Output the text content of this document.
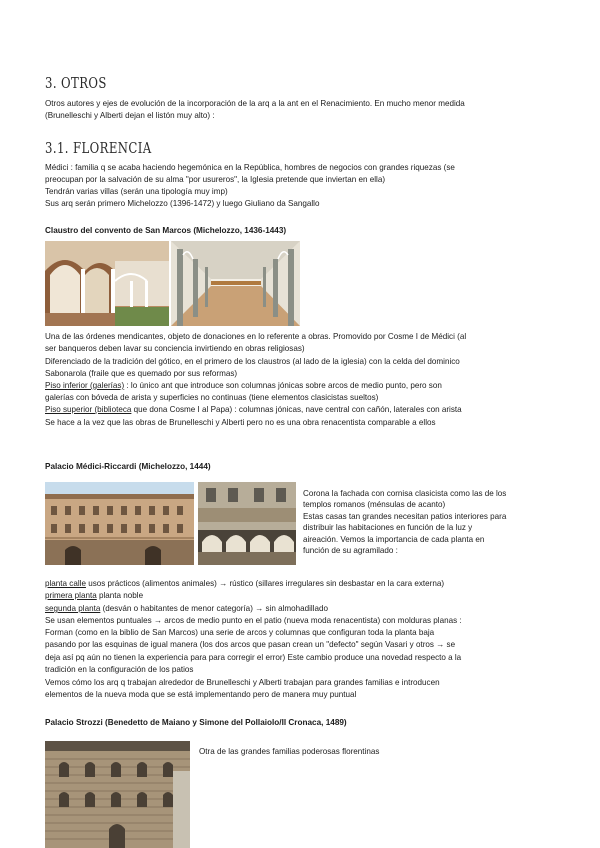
3. OTROS
Otros autores y ejes de evolución de la incorporación de la arq a la ant en el Renacimiento. En mucho menor medida
(Brunelleschi y Alberti dejan el listón muy alto) :
3.1. FLORENCIA
Médici : familia q se acaba haciendo hegemónica en la República, hombres de negocios con grandes riquezas (se
preocupan por la salvación de su alma "por usureros", la Iglesia pretende que inviertan en ella)
Tendrán varias villas (serán una tipología muy imp)
Sus arq serán primero Michelozzo (1396-1472) y luego Giuliano da Sangallo
Claustro del convento de San Marcos (Michelozzo, 1436-1443)
Una de las órdenes mendicantes, objeto de donaciones en lo referente a obras. Promovido por Cosme I de Médici (al
ser banqueros deben lavar su conciencia invirtiendo en obras religiosas)
Diferenciado de la tradición del gótico, en el primero de los claustros (al lado de la iglesia) con la celda del dominico
Sabonarola (fraile que es quemado por sus reformas)
Piso inferior (galerías) : lo único ant que introduce son columnas jónicas sobre arcos de medio punto, pero son
galerías con bóveda de arista y superficies no continuas (tiene elementos clasicistas sueltos)
Piso superior (biblioteca que dona Cosme I al Papa) : columnas jónicas, nave central con cañón, laterales con arista
Se hace a la vez que las obras de Brunelleschi y Alberti pero no es una obra renacentista comparable a ellos
Palacio Médici-Riccardi (Michelozzo, 1444)
Corona la fachada con cornisa clasicista como las de los
templos romanos (ménsulas de acanto)
Estas casas tan grandes necesitan patios interiores para
distribuir las habitaciones en función de la luz y
aireación. Vemos la importancia de cada planta en
función de su agramilado :
planta calle usos prácticos (alimentos animales) → rústico (sillares irregulares sin desbastar en la cara externa)
primera planta planta noble
segunda planta (desván o habitantes de menor categoría) → sin almohadillado
Se usan elementos puntuales → arcos de medio punto en el patio (nueva moda renacentista) con molduras planas :
Forman (como en la biblio de San Marcos) una serie de arcos y columnas que configuran toda la planta baja
pasando por las esquinas de igual manera (los dos arcos que pasan crean un "defecto" según Vasari y otros → se
deja así pq aún no tienen la experiencia para para corregir el error) Este cambio produce una novedad respecto a la
tradición en la configuración de los patios
Vemos cómo los arq q trabajan alrededor de Brunelleschi y Alberti trabajan para grandes familias e introducen
elementos de la nueva moda que se está implementando pero de manera muy puntual
Palacio Strozzi (Benedetto de Maiano y Simone del Pollaiolo/Il Cronaca, 1489)
Otra de las grandes familias poderosas florentinas
